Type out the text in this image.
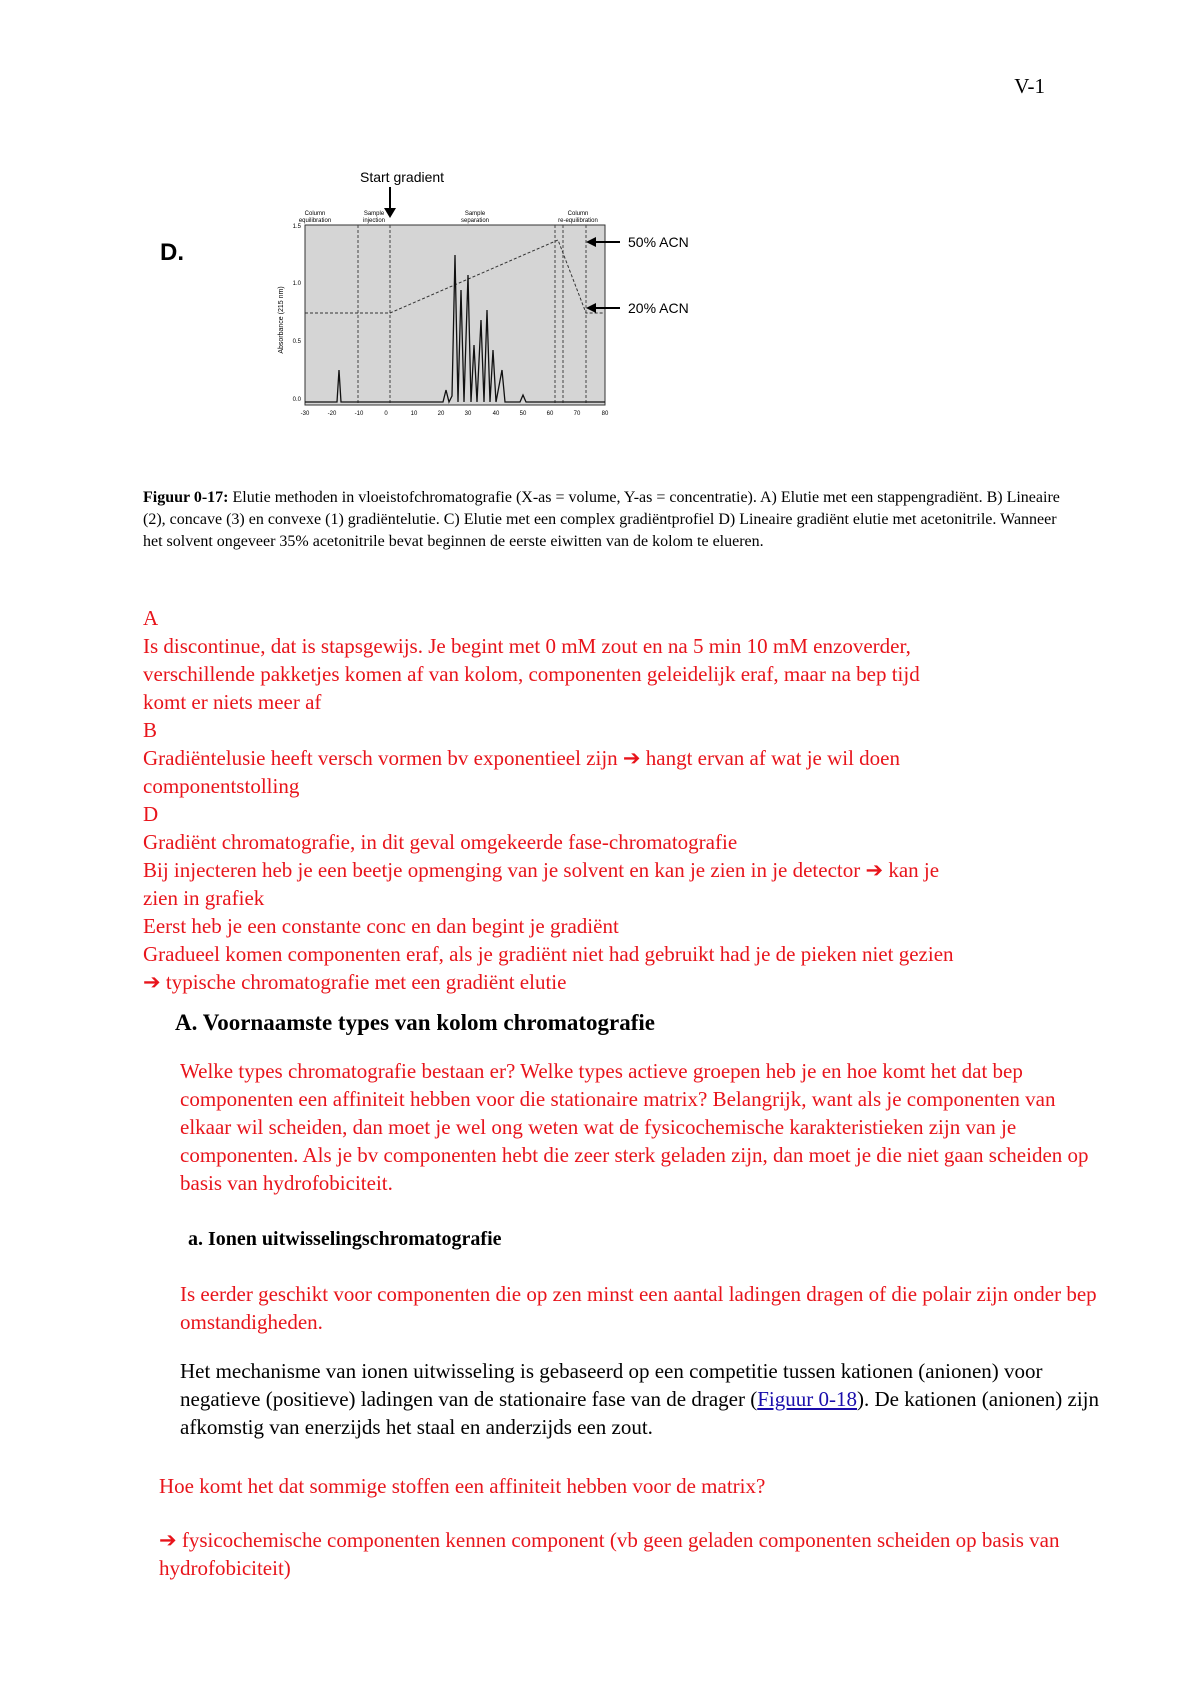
V-1
D.
Start gradient
Column
equilibration
Sample
injection
Sample
separation
Column
re-equilibration
Absorbance (215 nm)
1.5
1.0
0.5
0.0
-30	-20	-10	0	10	20	30	40	50	60	70	80
50% ACN
20% ACN
Figuur 0-17: Elutie methoden in vloeistofchromatografie (X-as = volume, Y-as = concentratie). A) Elutie met een stappengradiënt. B) Lineaire (2), concave (3) en convexe (1) gradiëntelutie. C) Elutie met een complex gradiëntprofiel D) Lineaire gradiënt elutie met acetonitrile. Wanneer het solvent ongeveer 35% acetonitrile bevat beginnen de eerste eiwitten van de kolom te elueren.
A
Is discontinue, dat is stapsgewijs. Je begint met 0 mM zout en na 5 min 10 mM enzoverder,
verschillende pakketjes komen af van kolom, componenten geleidelijk eraf, maar na bep tijd
komt er niets meer af
B
Gradiëntelusie heeft versch vormen bv exponentieel zijn ➔ hangt ervan af wat je wil doen
componentstolling
D
Gradiënt chromatografie, in dit geval omgekeerde fase-chromatografie
Bij injecteren heb je een beetje opmenging van je solvent en kan je zien in je detector ➔ kan je
zien in grafiek
Eerst heb je een constante conc en dan begint je gradiënt
Gradueel komen componenten eraf, als je gradiënt niet had gebruikt had je de pieken niet gezien
➔ typische chromatografie met een gradiënt elutie
A. Voornaamste types van kolom chromatografie
Welke types chromatografie bestaan er? Welke types actieve groepen heb je en hoe komt het dat bep componenten een affiniteit hebben voor die stationaire matrix? Belangrijk, want als je componenten van elkaar wil scheiden, dan moet je wel ong weten wat de fysicochemische karakteristieken zijn van je componenten. Als je bv componenten hebt die zeer sterk geladen zijn, dan moet je die niet gaan scheiden op basis van hydrofobiciteit.
a. Ionen uitwisselingschromatografie
Is eerder geschikt voor componenten die op zen minst een aantal ladingen dragen of die polair zijn onder bep omstandigheden.
Het mechanisme van ionen uitwisseling is gebaseerd op een competitie tussen kationen (anionen) voor negatieve (positieve) ladingen van de stationaire fase van de drager (Figuur 0-18). De kationen (anionen) zijn afkomstig van enerzijds het staal en anderzijds een zout.
Hoe komt het dat sommige stoffen een affiniteit hebben voor de matrix?
➔ fysicochemische componenten kennen component (vb geen geladen componenten scheiden op basis van hydrofobiciteit)
